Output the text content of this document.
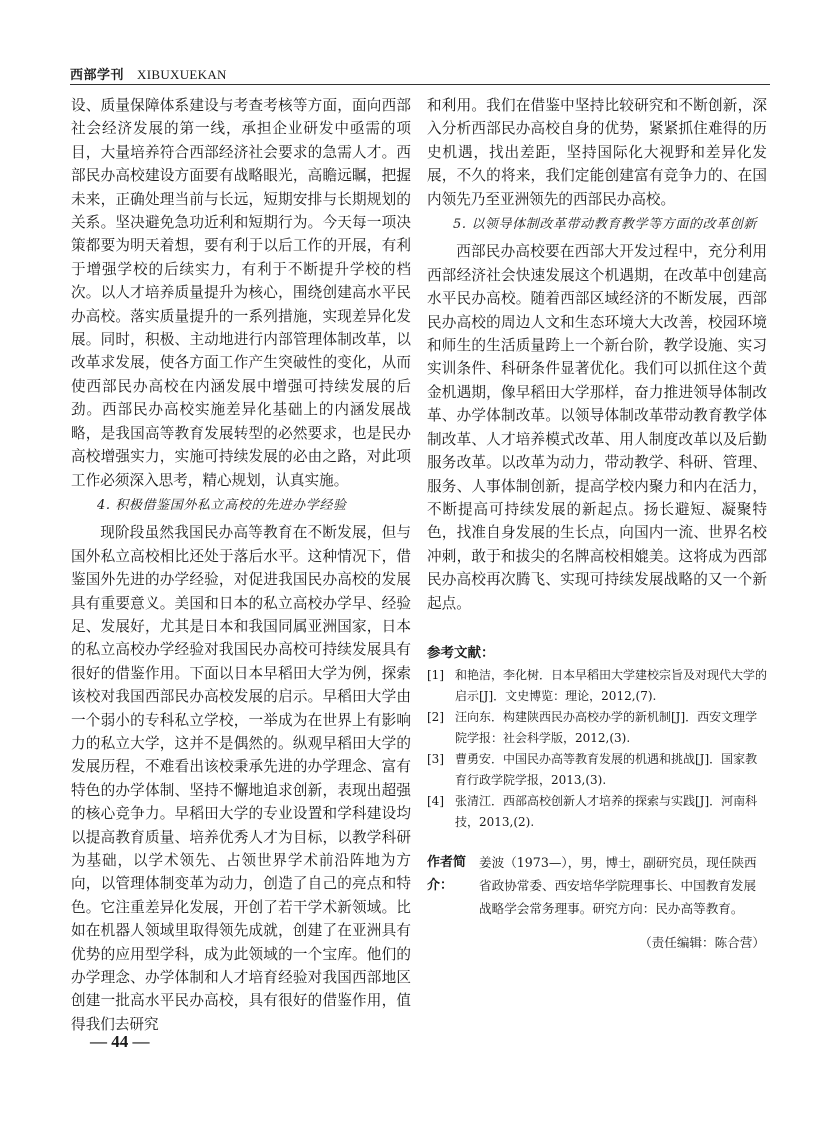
西部学刊 XIBUXUEKAN

设、质量保障体系建设与考查考核等方面，面向西部社会经济发展的第一线，承担企业研发中亟需的项目，大量培养符合西部经济社会要求的急需人才。西部民办高校建设方面要有战略眼光，高瞻远瞩，把握未来，正确处理当前与长远，短期安排与长期规划的关系。坚决避免急功近利和短期行为。今天每一项决策都要为明天着想，要有利于以后工作的开展，有利于增强学校的后续实力，有利于不断提升学校的档次。以人才培养质量提升为核心，围绕创建高水平民办高校。落实质量提升的一系列措施，实现差异化发展。同时，积极、主动地进行内部管理体制改革，以改革求发展，使各方面工作产生突破性的变化，从而使西部民办高校在内涵发展中增强可持续发展的后劲。西部民办高校实施差异化基础上的内涵发展战略，是我国高等教育发展转型的必然要求，也是民办高校增强实力，实施可持续发展的必由之路，对此项工作必须深入思考，精心规划，认真实施。

4. 积极借鉴国外私立高校的先进办学经验

现阶段虽然我国民办高等教育在不断发展，但与国外私立高校相比还处于落后水平。这种情况下，借鉴国外先进的办学经验，对促进我国民办高校的发展具有重要意义。美国和日本的私立高校办学早、经验足、发展好，尤其是日本和我国同属亚洲国家，日本的私立高校办学经验对我国民办高校可持续发展具有很好的借鉴作用。下面以日本早稻田大学为例，探索该校对我国西部民办高校发展的启示。早稻田大学由一个弱小的专科私立学校，一举成为在世界上有影响力的私立大学，这并不是偶然的。纵观早稻田大学的发展历程，不难看出该校秉承先进的办学理念、富有特色的办学体制、坚持不懈地追求创新，表现出超强的核心竞争力。早稻田大学的专业设置和学科建设均以提高教育质量、培养优秀人才为目标，以教学科研为基础，以学术领先、占领世界学术前沿阵地为方向，以管理体制变革为动力，创造了自己的亮点和特色。它注重差异化发展，开创了若干学术新领域。比如在机器人领域里取得领先成就，创建了在亚洲具有优势的应用型学科，成为此领域的一个宝库。他们的办学理念、办学体制和人才培育经验对我国西部地区创建一批高水平民办高校，具有很好的借鉴作用，值得我们去研究

和利用。我们在借鉴中坚持比较研究和不断创新，深入分析西部民办高校自身的优势，紧紧抓住难得的历史机遇，找出差距，坚持国际化大视野和差异化发展，不久的将来，我们定能创建富有竞争力的、在国内领先乃至亚洲领先的西部民办高校。

5. 以领导体制改革带动教育教学等方面的改革创新

西部民办高校要在西部大开发过程中，充分利用西部经济社会快速发展这个机遇期，在改革中创建高水平民办高校。随着西部区域经济的不断发展，西部民办高校的周边人文和生态环境大大改善，校园环境和师生的生活质量跨上一个新台阶，教学设施、实习实训条件、科研条件显著优化。我们可以抓住这个黄金机遇期，像早稻田大学那样，奋力推进领导体制改革、办学体制改革。以领导体制改革带动教育教学体制改革、人才培养模式改革、用人制度改革以及后勤服务改革。以改革为动力，带动教学、科研、管理、服务、人事体制创新，提高学校内聚力和内在活力，不断提高可持续发展的新起点。扬长避短、凝聚特色，找准自身发展的生长点，向国内一流、世界名校冲刺，敢于和拔尖的名牌高校相媲美。这将成为西部民办高校再次腾飞、实现可持续发展战略的又一个新起点。

参考文献：
[1] 和艳洁，李化树．日本早稻田大学建校宗旨及对现代大学的启示[J]．文史博览：理论，2012,(7).
[2] 汪向东．构建陕西民办高校办学的新机制[J]．西安文理学院学报：社会科学版，2012,(3).
[3] 曹勇安．中国民办高等教育发展的机遇和挑战[J]．国家教育行政学院学报，2013,(3).
[4] 张清江．西部高校创新人才培养的探索与实践[J]．河南科技，2013,(2).
作者简介：
姜波（1973—），男，博士，副研究员，现任陕西省政协常委、西安培华学院理事长、中国教育发展战略学会常务理事。研究方向：民办高等教育。
（责任编辑：陈合营）
— 44 —
